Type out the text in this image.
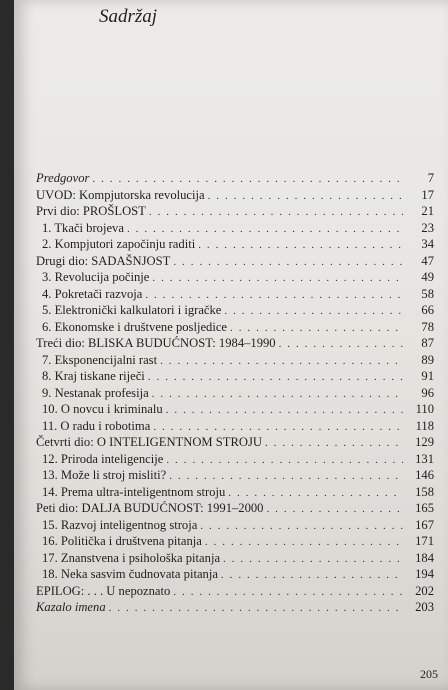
Sadržaj
Predgovor . . .	7
UVOD: Kompjutorska revolucija . . .	17
Prvi dio: PROŠLOST . . .	21
1. Tkači brojeva . . .	23
2. Kompjutori započinju raditi . . .	34
Drugi dio: SADAŠNJOST . . .	47
3. Revolucija počinje . . .	49
4. Pokretači razvoja . . .	58
5. Elektronički kalkulatori i igračke . . .	66
6. Ekonomske i društvene posljedice . . .	78
Treći dio: BLISKA BUDUĆNOST: 1984–1990 . . .	87
7. Eksponencijalni rast . . .	89
8. Kraj tiskane riječi . . .	91
9. Nestanak profesija . . .	96
10. O novcu i kriminalu . . .	110
11. O radu i robotima . . .	118
Četvrti dio: O INTELIGENTNOM STROJU . . .	129
12. Priroda inteligencije . . .	131
13. Može li stroj misliti? . . .	146
14. Prema ultra-inteligentnom stroju . . .	158
Peti dio: DALJA BUDUĆNOST: 1991–2000 . . .	165
15. Razvoj inteligentnog stroja . . .	167
16. Politička i društvena pitanja . . .	171
17. Znanstvena i psihološka pitanja . . .	184
18. Neka sasvim čudnovata pitanja . . .	194
EPILOG: . . . U nepoznato . . .	202
Kazalo imena . . .	203
205
